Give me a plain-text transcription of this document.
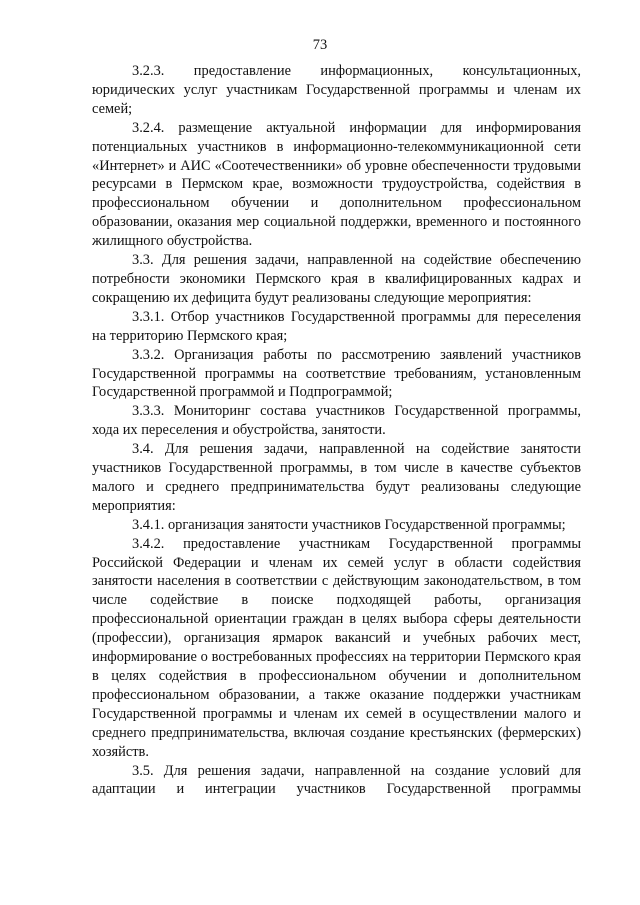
73

3.2.3. предоставление информационных, консультационных, юридических услуг участникам Государственной программы и членам их семей;

3.2.4. размещение актуальной информации для информирования потенциальных участников в информационно-телекоммуникационной сети «Интернет» и АИС «Соотечественники» об уровне обеспеченности трудовыми ресурсами в Пермском крае, возможности трудоустройства, содействия в профессиональном обучении и дополнительном профессиональном образовании, оказания мер социальной поддержки, временного и постоянного жилищного обустройства.

3.3. Для решения задачи, направленной на содействие обеспечению потребности экономики Пермского края в квалифицированных кадрах и сокращению их дефицита будут реализованы следующие мероприятия:

3.3.1. Отбор участников Государственной программы для переселения на территорию Пермского края;

3.3.2. Организация работы по рассмотрению заявлений участников Государственной программы на соответствие требованиям, установленным Государственной программой и Подпрограммой;

3.3.3. Мониторинг состава участников Государственной программы, хода их переселения и обустройства, занятости.

3.4. Для решения задачи, направленной на содействие занятости участников Государственной программы, в том числе в качестве субъектов малого и среднего предпринимательства будут реализованы следующие мероприятия:

3.4.1. организация занятости участников Государственной программы;

3.4.2. предоставление участникам Государственной программы Российской Федерации и членам их семей услуг в области содействия занятости населения в соответствии с действующим законодательством, в том числе содействие в поиске подходящей работы, организация профессиональной ориентации граждан в целях выбора сферы деятельности (профессии), организация ярмарок вакансий и учебных рабочих мест, информирование о востребованных профессиях на территории Пермского края в целях содействия в профессиональном обучении и дополнительном профессиональном образовании, а также оказание поддержки участникам Государственной программы и членам их семей в осуществлении малого и среднего предпринимательства, включая создание крестьянских (фермерских) хозяйств.

3.5. Для решения задачи, направленной на создание условий для адаптации и интеграции участников Государственной программы
